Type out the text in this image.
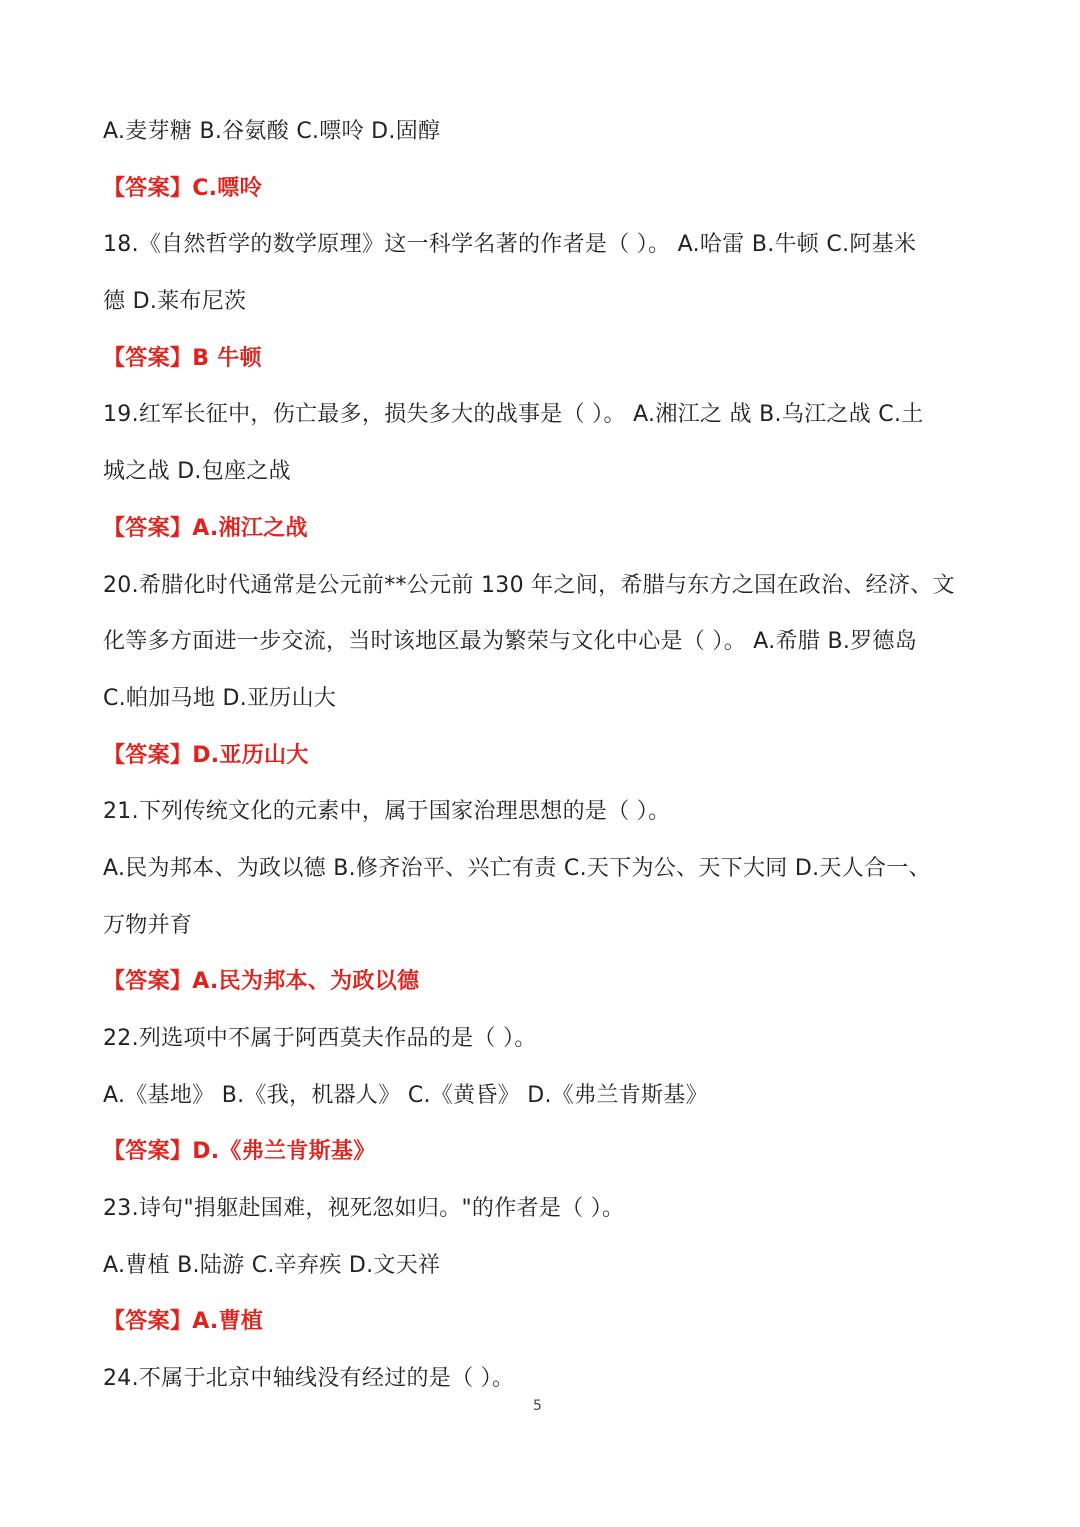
A.麦芽糖 B.谷氨酸 C.嘌呤 D.固醇
【答案】C.嘌呤
18.《自然哲学的数学原理》这一科学名著的作者是（ ）。 A.哈雷 B.牛顿 C.阿基米
德 D.莱布尼茨
【答案】B 牛顿
19.红军长征中，伤亡最多，损失多大的战事是（ ）。 A.湘江之 战 B.乌江之战 C.土
城之战 D.包座之战
【答案】A.湘江之战
20.希腊化时代通常是公元前**公元前 130 年之间，希腊与东方之国在政治、经济、文
化等多方面进一步交流，当时该地区最为繁荣与文化中心是（ ）。 A.希腊 B.罗德岛
C.帕加马地 D.亚历山大
【答案】D.亚历山大
21.下列传统文化的元素中，属于国家治理思想的是（ ）。
A.民为邦本、为政以德 B.修齐治平、兴亡有责 C.天下为公、天下大同 D.天人合一、
万物并育
【答案】A.民为邦本、为政以德
22.列选项中不属于阿西莫夫作品的是（ ）。
A.《基地》 B.《我，机器人》 C.《黄昏》 D.《弗兰肯斯基》
【答案】D.《弗兰肯斯基》
23.诗句"捐躯赴国难，视死忽如归。"的作者是（ ）。
A.曹植 B.陆游 C.辛弃疾 D.文天祥
【答案】A.曹植
24.不属于北京中轴线没有经过的是（ ）。
5
